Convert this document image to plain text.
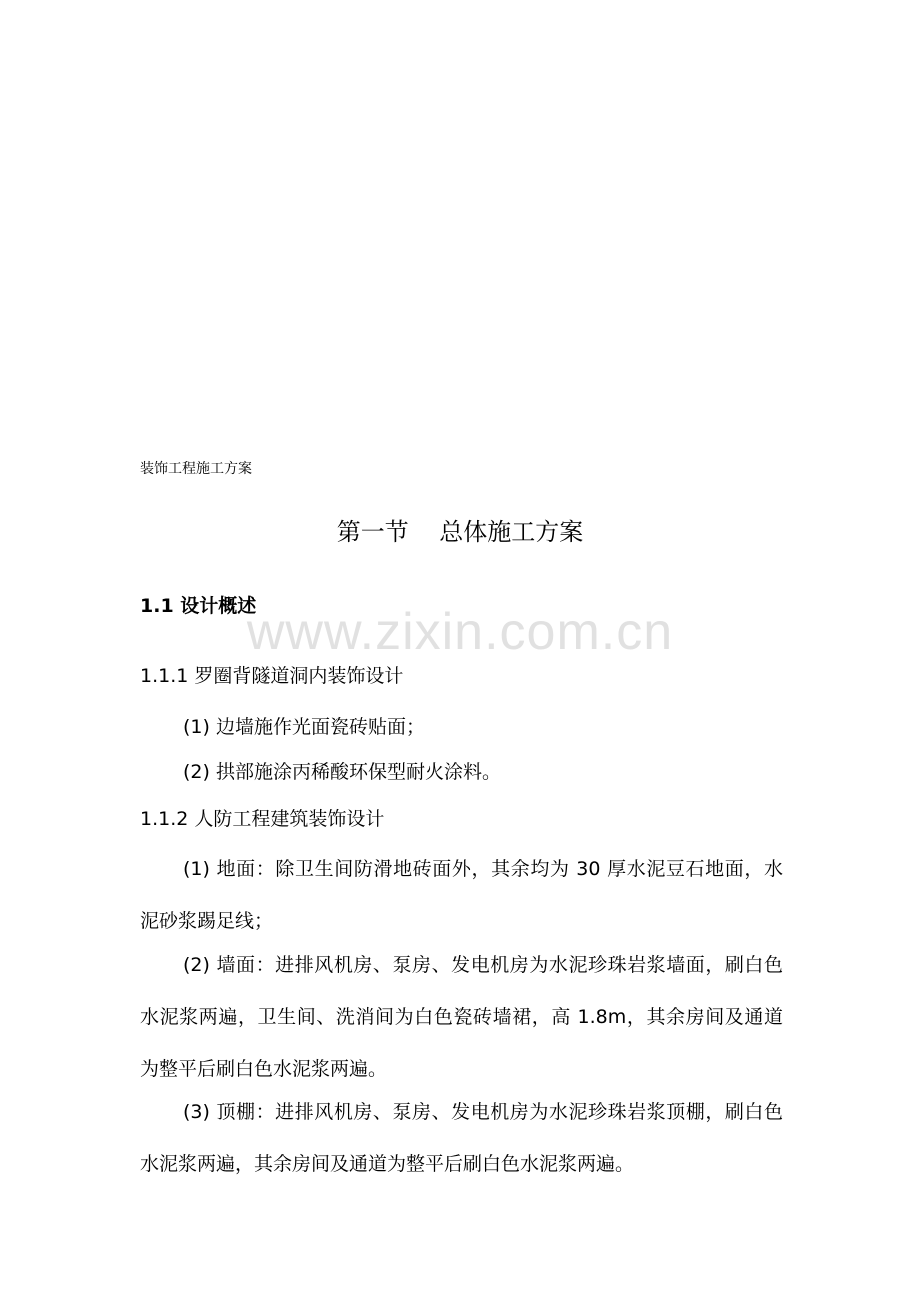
www.zixin.com.cn
装饰工程施工方案
第一节    总体施工方案
1.1 设计概述
1.1.1 罗圈背隧道洞内装饰设计
(1) 边墙施作光面瓷砖贴面；
(2) 拱部施涂丙稀酸环保型耐火涂料。
1.1.2 人防工程建筑装饰设计
(1) 地面：除卫生间防滑地砖面外，其余均为 30 厚水泥豆石地面，水泥砂浆踢足线；
(2) 墙面：进排风机房、泵房、发电机房为水泥珍珠岩浆墙面，刷白色水泥浆两遍，卫生间、洗消间为白色瓷砖墙裙，高 1.8m，其余房间及通道为整平后刷白色水泥浆两遍。
(3) 顶棚：进排风机房、泵房、发电机房为水泥珍珠岩浆顶棚，刷白色水泥浆两遍，其余房间及通道为整平后刷白色水泥浆两遍。
